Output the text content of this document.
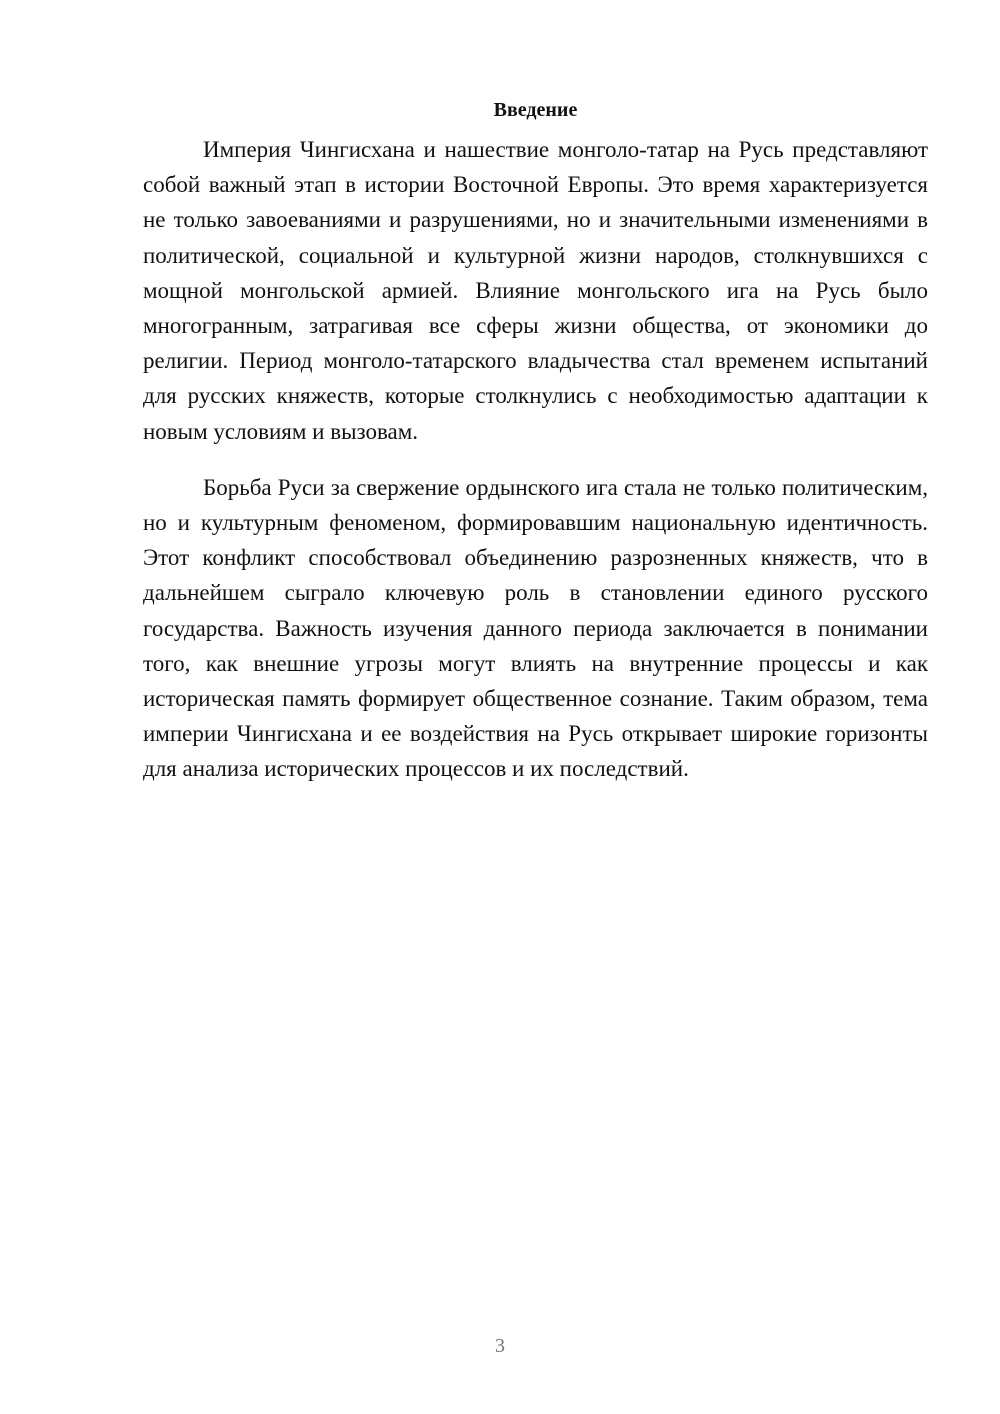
Введение

Империя Чингисхана и нашествие монголо-татар на Русь представляют собой важный этап в истории Восточной Европы. Это время характеризуется не только завоеваниями и разрушениями, но и значительными изменениями в политической, социальной и культурной жизни народов, столкнувшихся с мощной монгольской армией. Влияние монгольского ига на Русь было многогранным, затрагивая все сферы жизни общества, от экономики до религии. Период монголо-татарского владычества стал временем испытаний для русских княжеств, которые столкнулись с необходимостью адаптации к новым условиям и вызовам.

Борьба Руси за свержение ордынского ига стала не только политическим, но и культурным феноменом, формировавшим национальную идентичность. Этот конфликт способствовал объединению разрозненных княжеств, что в дальнейшем сыграло ключевую роль в становлении единого русского государства. Важность изучения данного периода заключается в понимании того, как внешние угрозы могут влиять на внутренние процессы и как историческая память формирует общественное сознание. Таким образом, тема империи Чингисхана и ее воздействия на Русь открывает широкие горизонты для анализа исторических процессов и их последствий.

3
